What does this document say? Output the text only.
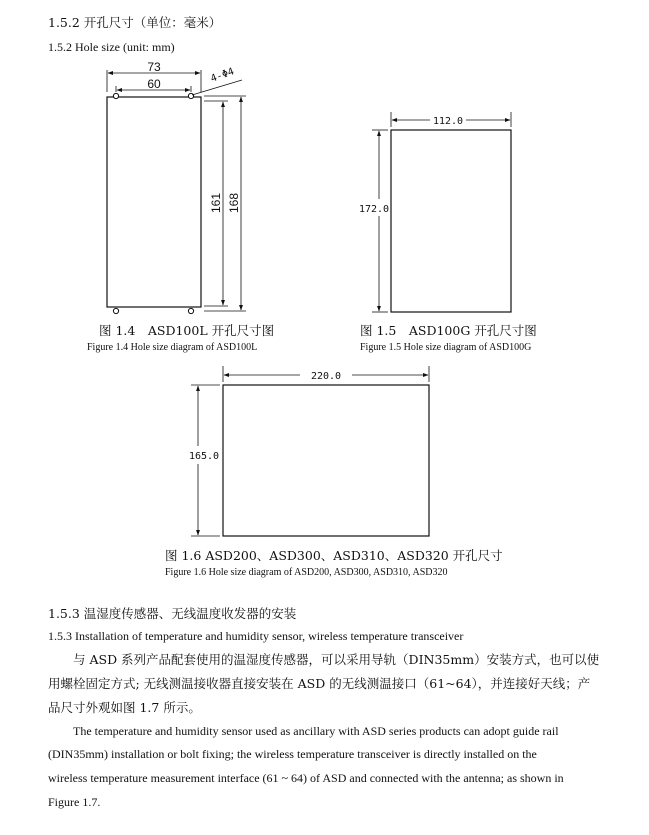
1.5.2 开孔尺寸（单位：毫米）
1.5.2 Hole size (unit: mm)
73
60	4-Φ4
161 168
112.0
172.0
220.0
165.0
图 1.4　ASD100L 开孔尺寸图
Figure 1.4 Hole size diagram of ASD100L
图 1.5　ASD100G 开孔尺寸图
Figure 1.5 Hole size diagram of ASD100G
图 1.6 ASD200、ASD300、ASD310、ASD320 开孔尺寸
Figure 1.6 Hole size diagram of ASD200, ASD300, ASD310, ASD320
1.5.3 温湿度传感器、无线温度收发器的安装
1.5.3 Installation of temperature and humidity sensor, wireless temperature transceiver
与 ASD 系列产品配套使用的温湿度传感器，可以采用导轨（DIN35mm）安装方式，也可以使
用螺栓固定方式; 无线测温接收器直接安装在 ASD 的无线测温接口（61~64），并连接好天线；产
品尺寸外观如图 1.7 所示。
The temperature and humidity sensor used as ancillary with ASD series products can adopt guide rail
(DIN35mm) installation or bolt fixing; the wireless temperature transceiver is directly installed on the
wireless temperature measurement interface (61 ~ 64) of ASD and connected with the antenna; as shown in
Figure 1.7.
